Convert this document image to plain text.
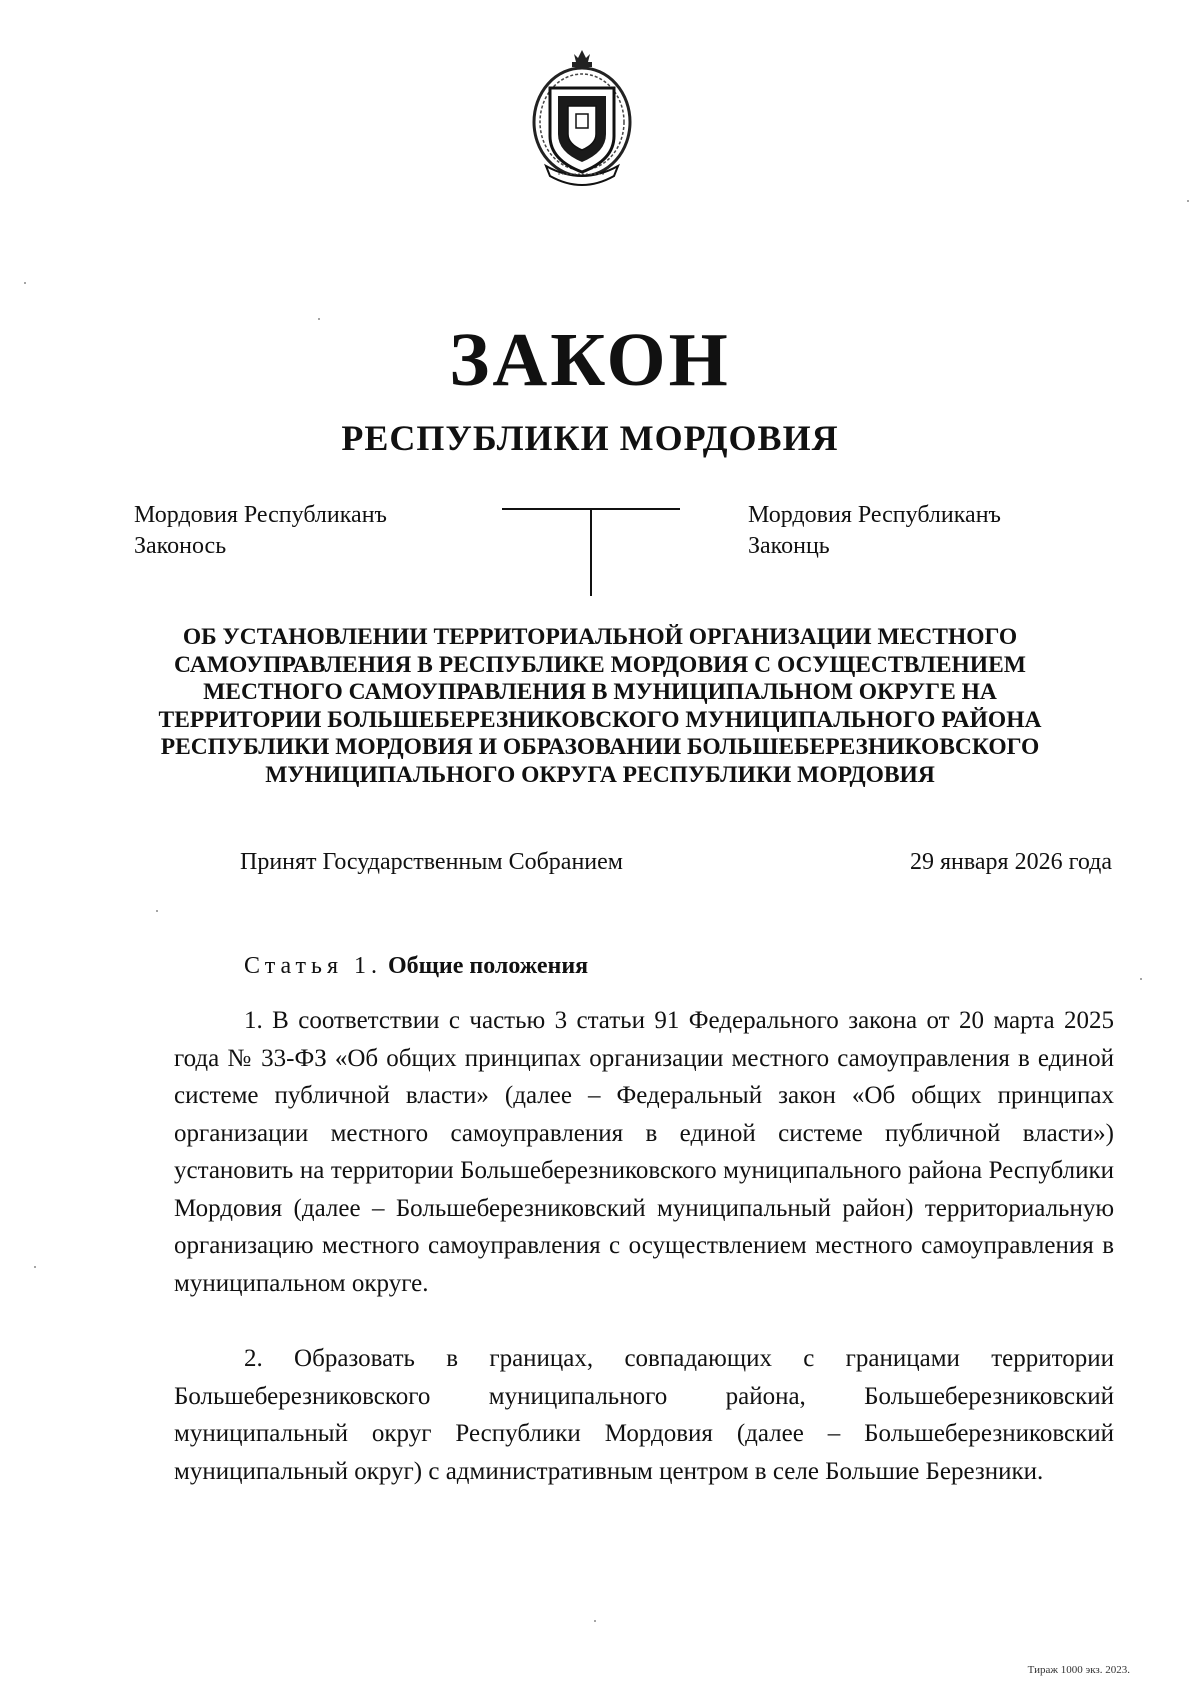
ЗАКОН
РЕСПУБЛИКИ МОРДОВИЯ
Мордовия Республиканъ
Законось
Мордовия Республиканъ
Законць
ОБ УСТАНОВЛЕНИИ ТЕРРИТОРИАЛЬНОЙ ОРГАНИЗАЦИИ МЕСТНОГО САМОУПРАВЛЕНИЯ В РЕСПУБЛИКЕ МОРДОВИЯ С ОСУЩЕСТВЛЕНИЕМ МЕСТНОГО САМОУПРАВЛЕНИЯ В МУНИЦИПАЛЬНОМ ОКРУГЕ НА ТЕРРИТОРИИ БОЛЬШЕБЕРЕЗНИКОВСКОГО МУНИЦИПАЛЬНОГО РАЙОНА РЕСПУБЛИКИ МОРДОВИЯ И ОБРАЗОВАНИИ БОЛЬШЕБЕРЕЗНИКОВСКОГО МУНИЦИПАЛЬНОГО ОКРУГА РЕСПУБЛИКИ МОРДОВИЯ
Принят Государственным Собранием	29 января 2026 года
Статья 1. Общие положения
1. В соответствии с частью 3 статьи 91 Федерального закона от 20 марта 2025 года № 33-ФЗ «Об общих принципах организации местного самоуправления в единой системе публичной власти» (далее – Федеральный закон «Об общих принципах организации местного самоуправления в единой системе публичной власти») установить на территории Большеберезниковского муниципального района Республики Мордовия (далее – Большеберезниковский муниципальный район) территориальную организацию местного самоуправления с осуществлением местного самоуправления в муниципальном округе.
2. Образовать в границах, совпадающих с границами территории Большеберезниковского муниципального района, Большеберезниковский муниципальный округ Республики Мордовия (далее – Большеберезниковский муниципальный округ) с административным центром в селе Большие Березники.
Тираж 1000 экз. 2023.
